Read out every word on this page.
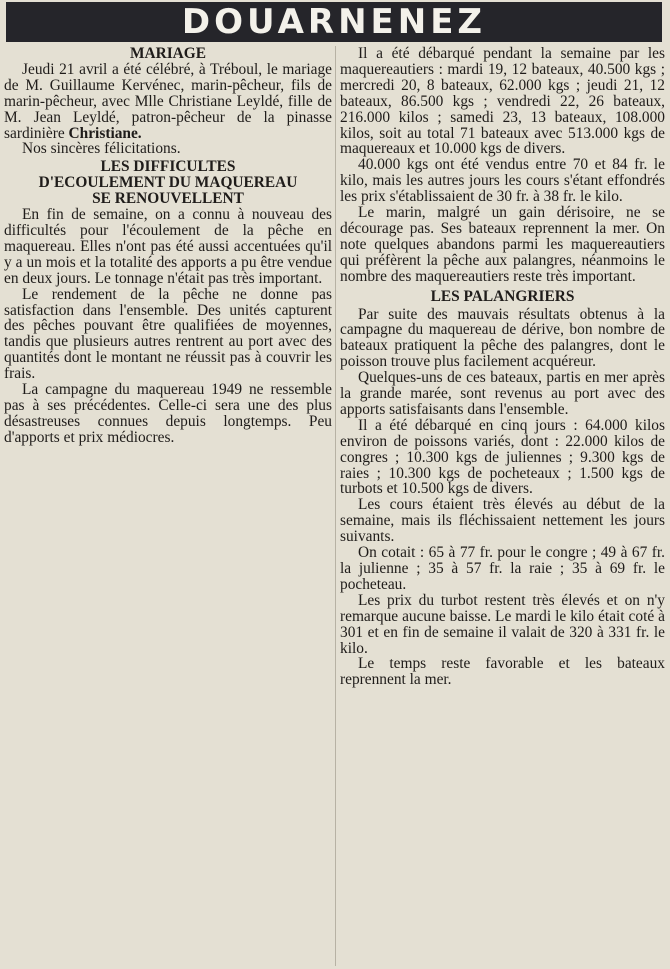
DOUARNENEZ
MARIAGE

Jeudi 21 avril a été célébré, à Tréboul, le mariage de M. Guillaume Kervénec, marin-pêcheur, fils de marin-pêcheur, avec Mlle Christiane Leyldé, fille de M. Jean Leyldé, patron-pêcheur de la pinasse sardinière Christiane.

Nos sincères félicitations.

LES DIFFICULTES
D'ECOULEMENT DU MAQUEREAU
SE RENOUVELLENT

En fin de semaine, on a connu à nouveau des difficultés pour l'écoulement de la pêche en maquereau. Elles n'ont pas été aussi accentuées qu'il y a un mois et la totalité des apports a pu être vendue en deux jours. Le tonnage n'était pas très important.

Le rendement de la pêche ne donne pas satisfaction dans l'ensemble. Des unités capturent des pêches pouvant être qualifiées de moyennes, tandis que plusieurs autres rentrent au port avec des quantités dont le montant ne réussit pas à couvrir les frais.

La campagne du maquereau 1949 ne ressemble pas à ses précédentes. Celle-ci sera une des plus désastreuses connues depuis longtemps. Peu d'apports et prix médiocres.

Il a été débarqué pendant la semaine par les maquereautiers : mardi 19, 12 bateaux, 40.500 kgs ; mercredi 20, 8 bateaux, 62.000 kgs ; jeudi 21, 12 bateaux, 86.500 kgs ; vendredi 22, 26 bateaux, 216.000 kilos ; samedi 23, 13 bateaux, 108.000 kilos, soit au total 71 bateaux avec 513.000 kgs de maquereaux et 10.000 kgs de divers.

40.000 kgs ont été vendus entre 70 et 84 fr. le kilo, mais les autres jours les cours s'étant effondrés les prix s'établissaient de 30 fr. à 38 fr. le kilo.

Le marin, malgré un gain dérisoire, ne se décourage pas. Ses bateaux reprennent la mer. On note quelques abandons parmi les maquereautiers qui préfèrent la pêche aux palangres, néanmoins le nombre des maquereautiers reste très important.

LES PALANGRIERS

Par suite des mauvais résultats obtenus à la campagne du maquereau de dérive, bon nombre de bateaux pratiquent la pêche des palangres, dont le poisson trouve plus facilement acquéreur.

Quelques-uns de ces bateaux, partis en mer après la grande marée, sont revenus au port avec des apports satisfaisants dans l'ensemble.

Il a été débarqué en cinq jours : 64.000 kilos environ de poissons variés, dont : 22.000 kilos de congres ; 10.300 kgs de juliennes ; 9.300 kgs de raies ; 10.300 kgs de pocheteaux ; 1.500 kgs de turbots et 10.500 kgs de divers.

Les cours étaient très élevés au début de la semaine, mais ils fléchissaient nettement les jours suivants.

On cotait : 65 à 77 fr. pour le congre ; 49 à 67 fr. la julienne ; 35 à 57 fr. la raie ; 35 à 69 fr. le pocheteau.

Les prix du turbot restent très élevés et on n'y remarque aucune baisse. Le mardi le kilo était coté à 301 et en fin de semaine il valait de 320 à 331 fr. le kilo.

Le temps reste favorable et les bateaux reprennent la mer.
